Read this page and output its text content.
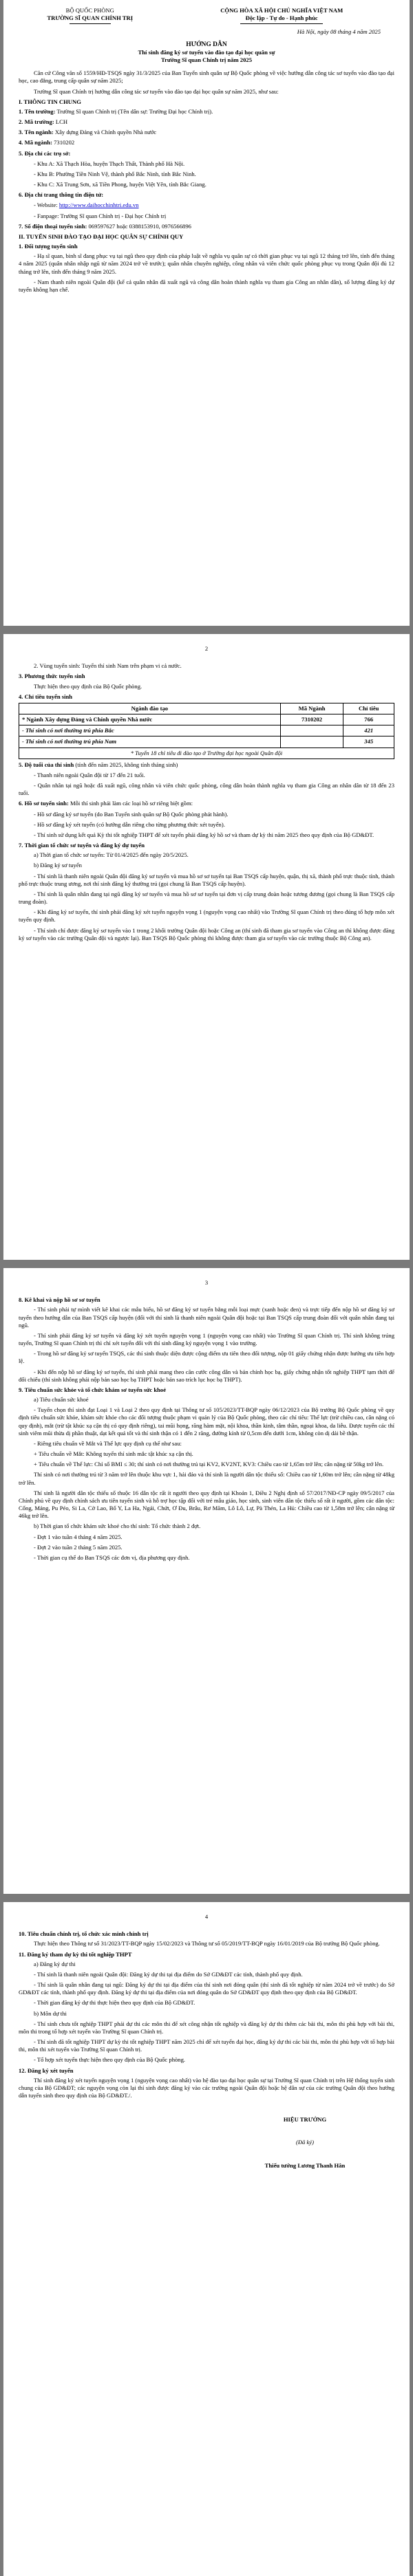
BỘ QUỐC PHÒNG
TRƯỜNG SĨ QUAN CHÍNH TRỊ
CỘNG HÒA XÃ HỘI CHỦ NGHĨA VIỆT NAM
Độc lập - Tự do - Hạnh phúc
Hà Nội, ngày 08 tháng 4 năm 2025
HƯỚNG DẪN
Thí sinh đăng ký sơ tuyển vào đào tạo đại học quân sự
Trường Sĩ quan Chính trị năm 2025

Căn cứ Công văn số 1559/HĐ-TSQS ngày 31/3/2025 của Ban Tuyển sinh quân sự Bộ Quốc phòng về việc hướng dẫn công tác sơ tuyển vào đào tạo đại học, cao đẳng, trung cấp quân sự năm 2025;

Trường Sĩ quan Chính trị hướng dẫn công tác sơ tuyển vào đào tạo đại học quân sự năm 2025, như sau:

I. THÔNG TIN CHUNG

1. Tên trường: Trường Sĩ quan Chính trị (Tên dân sự: Trường Đại học Chính trị).

2. Mã trường: LCH

3. Tên ngành: Xây dựng Đảng và Chính quyền Nhà nước

4. Mã ngành: 7310202

5. Địa chỉ các trụ sở:

- Khu A: Xã Thạch Hòa, huyện Thạch Thất, Thành phố Hà Nội.

- Khu B: Phường Tiền Ninh Vệ, thành phố Bắc Ninh, tỉnh Bắc Ninh.

- Khu C: Xã Trung Sơn, xã Tiền Phong, huyện Việt Yên, tỉnh Bắc Giang.

6. Địa chỉ trang thông tin điện tử:

- Website: http://www.daihocchinhtri.edu.vn

- Fanpage: Trường Sĩ quan Chính trị - Đại học Chính trị

7. Số điện thoại tuyển sinh: 069597627 hoặc 0388153910, 0976566896

II. TUYỂN SINH ĐÀO TẠO ĐẠI HỌC QUÂN SỰ CHÍNH QUY
1. Đối tượng tuyển sinh

- Hạ sĩ quan, binh sĩ đang phục vụ tại ngũ theo quy định của pháp luật về nghĩa vụ quân sự có thời gian phục vụ tại ngũ 12 tháng trở lên, tính đến tháng 4 năm 2025 (quân nhân nhập ngũ từ năm 2024 trở về trước); quân nhân chuyên nghiệp, công nhân và viên chức quốc phòng phục vụ trong Quân đội đủ 12 tháng trở lên, tính đến tháng 9 năm 2025.

- Nam thanh niên ngoài Quân đội (kể cả quân nhân đã xuất ngũ và công dân hoàn thành nghĩa vụ tham gia Công an nhân dân), số lượng đăng ký dự tuyển không hạn chế.

2

2. Vùng tuyển sinh: Tuyển thí sinh Nam trên phạm vi cả nước.

3. Phương thức tuyển sinh

Thực hiện theo quy định của Bộ Quốc phòng.

4. Chỉ tiêu tuyển sinh
Ngành đào tạo	Mã Ngành	Chỉ tiêu
* Ngành Xây dựng Đảng và Chính quyền Nhà nước	7310202	766
- Thí sinh có nơi thường trú phía Bắc		421
- Thí sinh có nơi thường trú phía Nam		345
* Tuyển 18 chỉ tiêu đi đào tạo ở Trường đại học ngoài Quân đội		

5. Độ tuổi của thí sinh (tính đến năm 2025, không tính tháng sinh)

- Thanh niên ngoài Quân đội từ 17 đến 21 tuổi.

- Quân nhân tại ngũ hoặc đã xuất ngũ, công nhân và viên chức quốc phòng, công dân hoàn thành nghĩa vụ tham gia Công an nhân dân từ 18 đến 23 tuổi.

6. Hồ sơ tuyển sinh: Mỗi thí sinh phải làm các loại hồ sơ riêng biệt gồm:

- Hồ sơ đăng ký sơ tuyển (do Ban Tuyển sinh quân sự Bộ Quốc phòng phát hành).

- Hồ sơ đăng ký xét tuyển (có hướng dẫn riêng cho từng phương thức xét tuyển).

- Thí sinh sử dụng kết quả Kỳ thi tốt nghiệp THPT để xét tuyển phải đăng ký hồ sơ và tham dự kỳ thi năm 2025 theo quy định của Bộ GD&ĐT.

7. Thời gian tổ chức sơ tuyển và đăng ký dự tuyển

a) Thời gian tổ chức sơ tuyển: Từ 01/4/2025 đến ngày 20/5/2025.

b) Đăng ký sơ tuyển

- Thí sinh là thanh niên ngoài Quân đội đăng ký sơ tuyển và mua hồ sơ sơ tuyển tại Ban TSQS cấp huyện, quận, thị xã, thành phố trực thuộc tỉnh, thành phố trực thuộc trung ương, nơi thí sinh đăng ký thường trú (gọi chung là Ban TSQS cấp huyện).

- Thí sinh là quân nhân đang tại ngũ đăng ký sơ tuyển và mua hồ sơ sơ tuyển tại đơn vị cấp trung đoàn hoặc tương đương (gọi chung là Ban TSQS cấp trung đoàn).

- Khi đăng ký sơ tuyển, thí sinh phải đăng ký xét tuyển nguyện vọng 1 (nguyện vọng cao nhất) vào Trường Sĩ quan Chính trị theo đúng tổ hợp môn xét tuyển quy định.

- Thí sinh chỉ được đăng ký sơ tuyển vào 1 trong 2 khối trường Quân đội hoặc Công an (thí sinh đã tham gia sơ tuyển vào Công an thì không được đăng ký sơ tuyển vào các trường Quân đội và ngược lại). Ban TSQS Bộ Quốc phòng thì không được tham gia sơ tuyển vào các trường thuộc Bộ Công an).

3
8. Kê khai và nộp hồ sơ sơ tuyển

- Thí sinh phải tự mình viết kê khai các mẫu biểu, hồ sơ đăng ký sơ tuyển bằng mỗi loại mực (xanh hoặc đen) và trực tiếp đến nộp hồ sơ đăng ký sơ tuyển theo hướng dẫn của Ban TSQS cấp huyện (đối với thí sinh là thanh niên ngoài Quân đội hoặc tại Ban TSQS cấp trung đoàn đối với quân nhân đang tại ngũ.

- Thí sinh phải đăng ký sơ tuyển và đăng ký xét tuyển nguyện vọng 1 (nguyện vọng cao nhất) vào Trường Sĩ quan Chính trị. Thí sinh không trúng tuyển, Trường Sĩ quan Chính trị thì chỉ xét tuyển đối với thí sinh đăng ký nguyện vọng 1 vào trường.

- Trong hồ sơ đăng ký sơ tuyển TSQS, các thí sinh thuộc diện được cộng điểm ưu tiên theo đối tượng, nộp 01 giấy chứng nhận được hưởng ưu tiên hợp lệ.

- Khi đến nộp hồ sơ đăng ký sơ tuyển, thí sinh phải mang theo căn cước công dân và bản chính học bạ, giấy chứng nhận tốt nghiệp THPT tạm thời để đối chiếu (thí sinh không phải nộp bản sao học bạ THPT hoặc bản sao trích lục học bạ THPT).

9. Tiêu chuẩn sức khỏe và tổ chức khám sơ tuyển sức khoẻ

a) Tiêu chuẩn sức khoẻ

- Tuyển chọn thí sinh đạt Loại 1 và Loại 2 theo quy định tại Thông tư số 105/2023/TT-BQP ngày 06/12/2023 của Bộ trưởng Bộ Quốc phòng về quy định tiêu chuẩn sức khỏe, khám sức khỏe cho các đối tượng thuộc phạm vi quản lý của Bộ Quốc phòng, theo các chỉ tiêu: Thể lực (trừ chiều cao, cân nặng có quy định), mắt (trừ tật khúc xạ cận thị có quy định riêng), tai mũi họng, răng hàm mặt, nội khoa, thần kinh, tâm thần, ngoại khoa, da liễu. Được tuyển các thí sinh viêm mũi thừa dị phần thuật, dạt kết quả tốt và thí sinh thận có 1 đến 2 răng, đường kính từ 0,5cm đến dưới 1cm, không còn dị dải bề thận.

- Riêng tiêu chuẩn về Mắt và Thể lực quy định cụ thể như sau:

+ Tiêu chuẩn về Mắt: Không tuyển thí sinh mắc tật khúc xạ cận thị.

+ Tiêu chuẩn về Thể lực: Chỉ số BMI ≤ 30; thí sinh có nơi thường trú tại KV2, KV2NT, KV3: Chiều cao từ 1,65m trở lên; cân nặng từ 50kg trở lên.

Thí sinh có nơi thường trú từ 3 năm trở lên thuộc khu vực 1, hải đảo và thí sinh là người dân tộc thiểu số: Chiều cao từ 1,60m trở lên; cân nặng từ 48kg trở lên.

Thí sinh là người dân tộc thiểu số thuộc 16 dân tộc rất ít người theo quy định tại Khoản 1, Điều 2 Nghị định số 57/2017/NĐ-CP ngày 09/5/2017 của Chính phủ về quy định chính sách ưu tiên tuyển sinh và hỗ trợ học tập đối với trẻ mẫu giáo, học sinh, sinh viên dân tộc thiểu số rất ít người, gồm các dân tộc: Cống, Mảng, Pu Péo, Si La, Cờ Lao, Bố Y, La Ha, Ngái, Chứt, Ơ Đu, Brâu, Rơ Măm, Lô Lô, Lự, Pà Thẻn, La Hủ: Chiều cao từ 1,58m trở lên; cân nặng từ 46kg trở lên.

b) Thời gian tổ chức khám sức khoẻ cho thí sinh: Tổ chức thành 2 đợt.

- Đợt 1 vào tuần 4 tháng 4 năm 2025.

- Đợt 2 vào tuần 2 tháng 5 năm 2025.

- Thời gian cụ thể do Ban TSQS các đơn vị, địa phương quy định.

4
10. Tiêu chuẩn chính trị, tổ chức xác minh chính trị

Thực hiện theo Thông tư số 31/2023/TT-BQP ngày 15/02/2023 và Thông tư số 05/2019/TT-BQP ngày 16/01/2019 của Bộ trưởng Bộ Quốc phòng.

11. Đăng ký tham dự kỳ thi tốt nghiệp THPT

a) Đăng ký dự thi

- Thí sinh là thanh niên ngoài Quân đội: Đăng ký dự thi tại địa điểm do Sở GD&ĐT các tỉnh, thành phố quy định.

- Thí sinh là quân nhân đang tại ngũ: Đăng ký dự thi tại địa điểm của thí sinh nơi đóng quân (thí sinh đã tốt nghiệp từ năm 2024 trở về trước) do Sở GD&ĐT các tỉnh, thành phố quy định. Đăng ký dự thi tại địa điểm của nơi đóng quân do Sở GD&ĐT quy định theo quy định của Bộ GD&ĐT.

- Thời gian đăng ký dự thi thực hiện theo quy định của Bộ GD&ĐT.

b) Môn dự thi

- Thí sinh chưa tốt nghiệp THPT phải dự thi các môn thi để xét công nhận tốt nghiệp và đăng ký dự thi thêm các bài thi, môn thi phù hợp với bài thi, môn thi trong tổ hợp xét tuyển vào Trường Sĩ quan Chính trị.

- Thí sinh đã tốt nghiệp THPT dự kỳ thi tốt nghiệp THPT năm 2025 chỉ để xét tuyển đại học, đăng ký dự thi các bài thi, môn thi phù hợp với tổ hợp bài thi, môn thi xét tuyển vào Trường Sĩ quan Chính trị.

- Tổ hợp xét tuyển thực hiện theo quy định của Bộ Quốc phòng.

12. Đăng ký xét tuyển

Thí sinh đăng ký xét tuyển nguyện vọng 1 (nguyện vọng cao nhất) vào hệ đào tạo đại học quân sự tại Trường Sĩ quan Chính trị trên Hệ thống tuyển sinh chung của Bộ GD&ĐT; các nguyện vọng còn lại thí sinh được đăng ký vào các trường ngoài Quân đội hoặc hệ dân sự của các trường Quân đội theo hướng dẫn tuyển sinh theo quy định của Bộ GD&ĐT./.

HIỆU TRƯỞNG
(Đã ký)
Thiếu tướng Lương Thanh Hân
